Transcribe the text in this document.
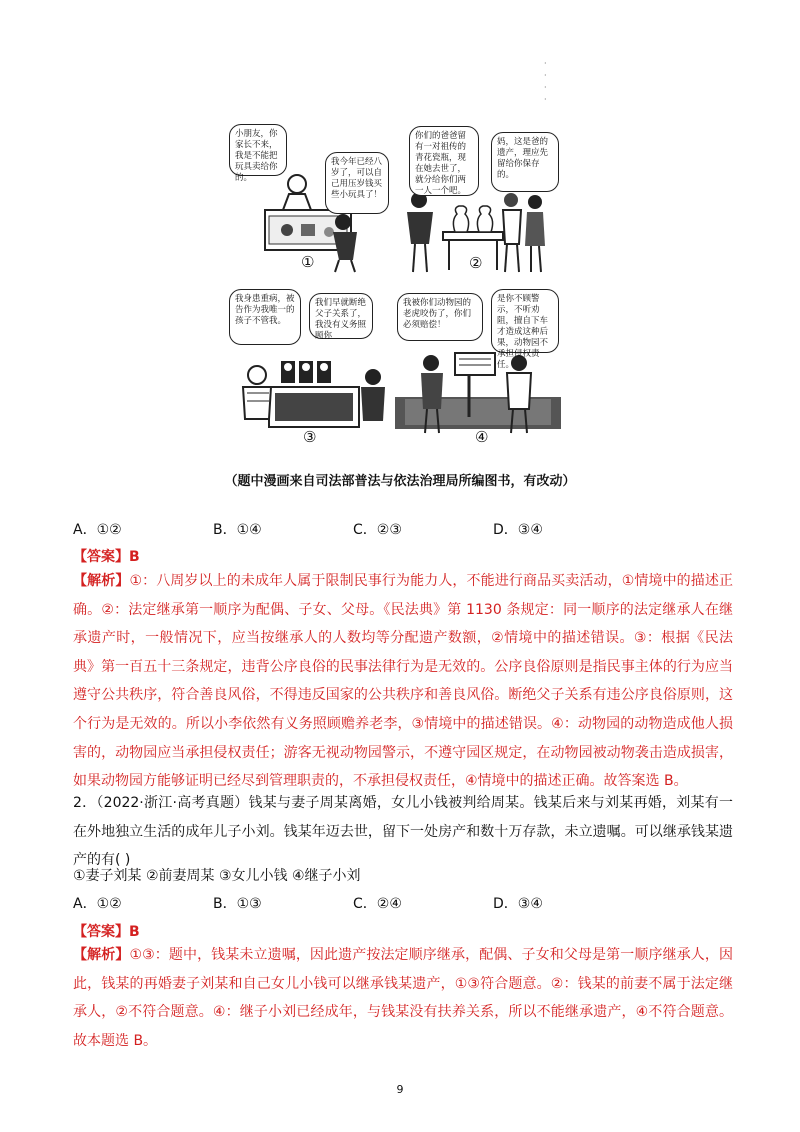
·
·
·
·
小朋友，你家长不来，我是不能把玩具卖给你的。
我今年已经八岁了，可以自己用压岁钱买些小玩具了！
①
你们的爸爸留有一对祖传的青花瓷瓶，现在她去世了，就分给你们两一人一个吧。
妈，这是爸的遗产，理应先留给你保存的。
②
我身患重病，被告作为我唯一的孩子不管我。
我们早就断绝父子关系了，我没有义务照顾你
③
我被你们动物园的老虎咬伤了，你们必须赔偿！
是你不顾警示，不听劝阻，擅自下车才造成这种后果，动物园不承担侵权责任。
④
（题中漫画来自司法部普法与依法治理局所编图书，有改动）
A．①②	B．①④	C．②③	D．③④
【答案】B
【解析】①：八周岁以上的未成年人属于限制民事行为能力人，不能进行商品买卖活动，①情境中的描述正确。②：法定继承第一顺序为配偶、子女、父母。《民法典》第 1130 条规定：同一顺序的法定继承人在继承遗产时，一般情况下，应当按继承人的人数均等分配遗产数额，②情境中的描述错误。③：根据《民法典》第一百五十三条规定，违背公序良俗的民事法律行为是无效的。公序良俗原则是指民事主体的行为应当遵守公共秩序，符合善良风俗，不得违反国家的公共秩序和善良风俗。断绝父子关系有违公序良俗原则，这个行为是无效的。所以小李依然有义务照顾赡养老李，③情境中的描述错误。④：动物园的动物造成他人损害的，动物园应当承担侵权责任；游客无视动物园警示，不遵守园区规定，在动物园被动物袭击造成损害，如果动物园方能够证明已经尽到管理职责的，不承担侵权责任，④情境中的描述正确。故答案选 B。
2．（2022·浙江·高考真题）钱某与妻子周某离婚，女儿小钱被判给周某。钱某后来与刘某再婚，刘某有一在外地独立生活的成年儿子小刘。钱某年迈去世，留下一处房产和数十万存款，未立遗嘱。可以继承钱某遗产的有( )
①妻子刘某 ②前妻周某 ③女儿小钱 ④继子小刘
A．①②	B．①③	C．②④	D．③④
【答案】B
【解析】①③：题中，钱某未立遗嘱，因此遗产按法定顺序继承，配偶、子女和父母是第一顺序继承人，因此，钱某的再婚妻子刘某和自己女儿小钱可以继承钱某遗产，①③符合题意。②：钱某的前妻不属于法定继承人，②不符合题意。④：继子小刘已经成年，与钱某没有扶养关系，所以不能继承遗产，④不符合题意。故本题选 B。
9
